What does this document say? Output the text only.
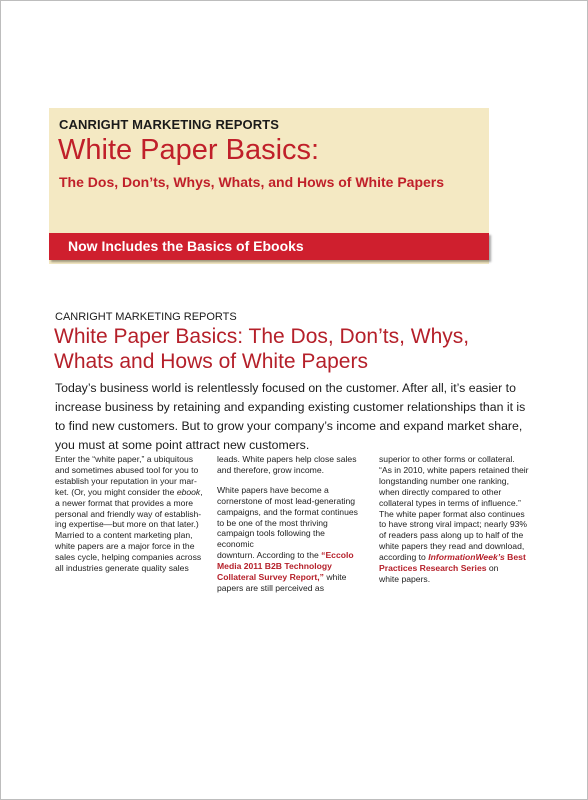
CANRIGHT MARKETING REPORTS
White Paper Basics:
The Dos, Don’ts, Whys, Whats, and Hows of White Papers
Now Includes the Basics of Ebooks
CANRIGHT MARKETING REPORTS
White Paper Basics: The Dos, Don’ts, Whys,
Whats and Hows of White Papers
Today’s business world is relentlessly focused on the customer. After all, it’s easier to
increase business by retaining and expanding existing customer relationships than it is
to find new customers. But to grow your company’s income and expand market share,
you must at some point attract new customers.
Enter the “white paper,” a ubiquitous
and sometimes abused tool for you to
establish your reputation in your mar-
ket. (Or, you might consider the ebook,
a newer format that provides a more
personal and friendly way of establish-
ing expertise—but more on that later.)
Married to a content marketing plan,
white papers are a major force in the
sales cycle, helping companies across
all industries generate quality sales

leads. White papers help close sales
and therefore, grow income.

White papers have become a
cornerstone of most lead-generating
campaigns, and the format continues
to be one of the most thriving
campaign tools following the economic
downturn. According to the “Eccolo
Media 2011 B2B Technology
Collateral Survey Report,” white
papers are still perceived as

superior to other forms or collateral.
“As in 2010, white papers retained their
longstanding number one ranking,
when directly compared to other
collateral types in terms of influence.”
The white paper format also continues
to have strong viral impact; nearly 93%
of readers pass along up to half of the
white papers they read and download,
according to InformationWeek’s Best
Practices Research Series on
white papers.
